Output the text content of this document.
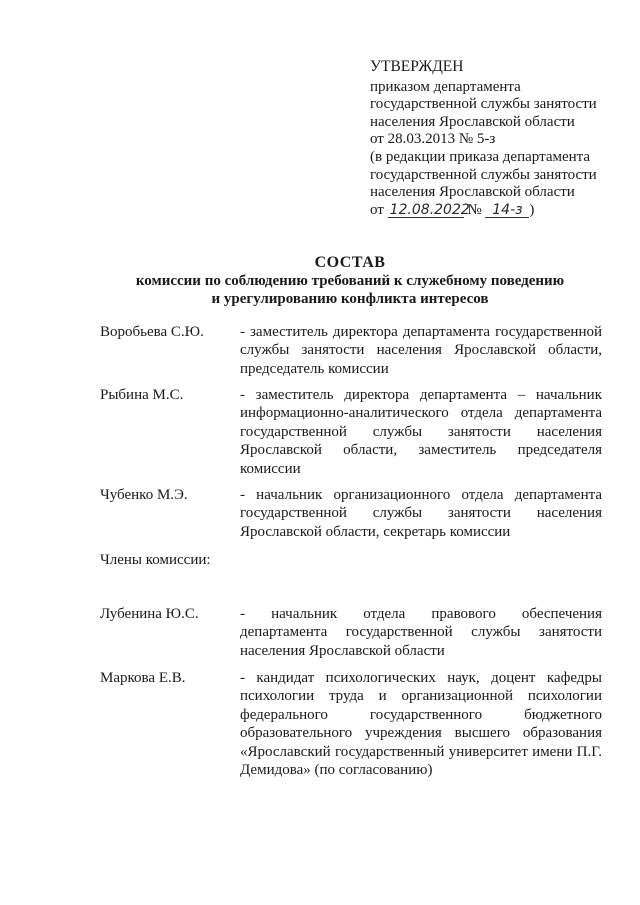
УТВЕРЖДЕН
приказом департамента
государственной службы занятости
населения Ярославской области
от 28.03.2013 № 5-з
(в редакции приказа департамента
государственной службы занятости
населения Ярославской области
от 12.08.2022 № 14-з )
СОСТАВ
комиссии по соблюдению требований к служебному поведению
и урегулированию конфликта интересов
Воробьева С.Ю.	- заместитель директора департамента государственной службы занятости населения Ярославской области, председатель комиссии
Рыбина М.С.	- заместитель директора департамента – начальник информационно-аналитического отдела департамента государственной службы занятости населения Ярославской области, заместитель председателя комиссии
Чубенко М.Э.	- начальник организационного отдела департамента государственной службы занятости населения Ярославской области, секретарь комиссии
Члены комиссии:
Лубенина Ю.С.	- начальник отдела правового обеспечения департамента государственной службы занятости населения Ярославской области
Маркова Е.В.	- кандидат психологических наук, доцент кафедры психологии труда и организационной психологии федерального государственного бюджетного образовательного учреждения высшего образования «Ярославский государственный университет имени П.Г. Демидова» (по согласованию)
